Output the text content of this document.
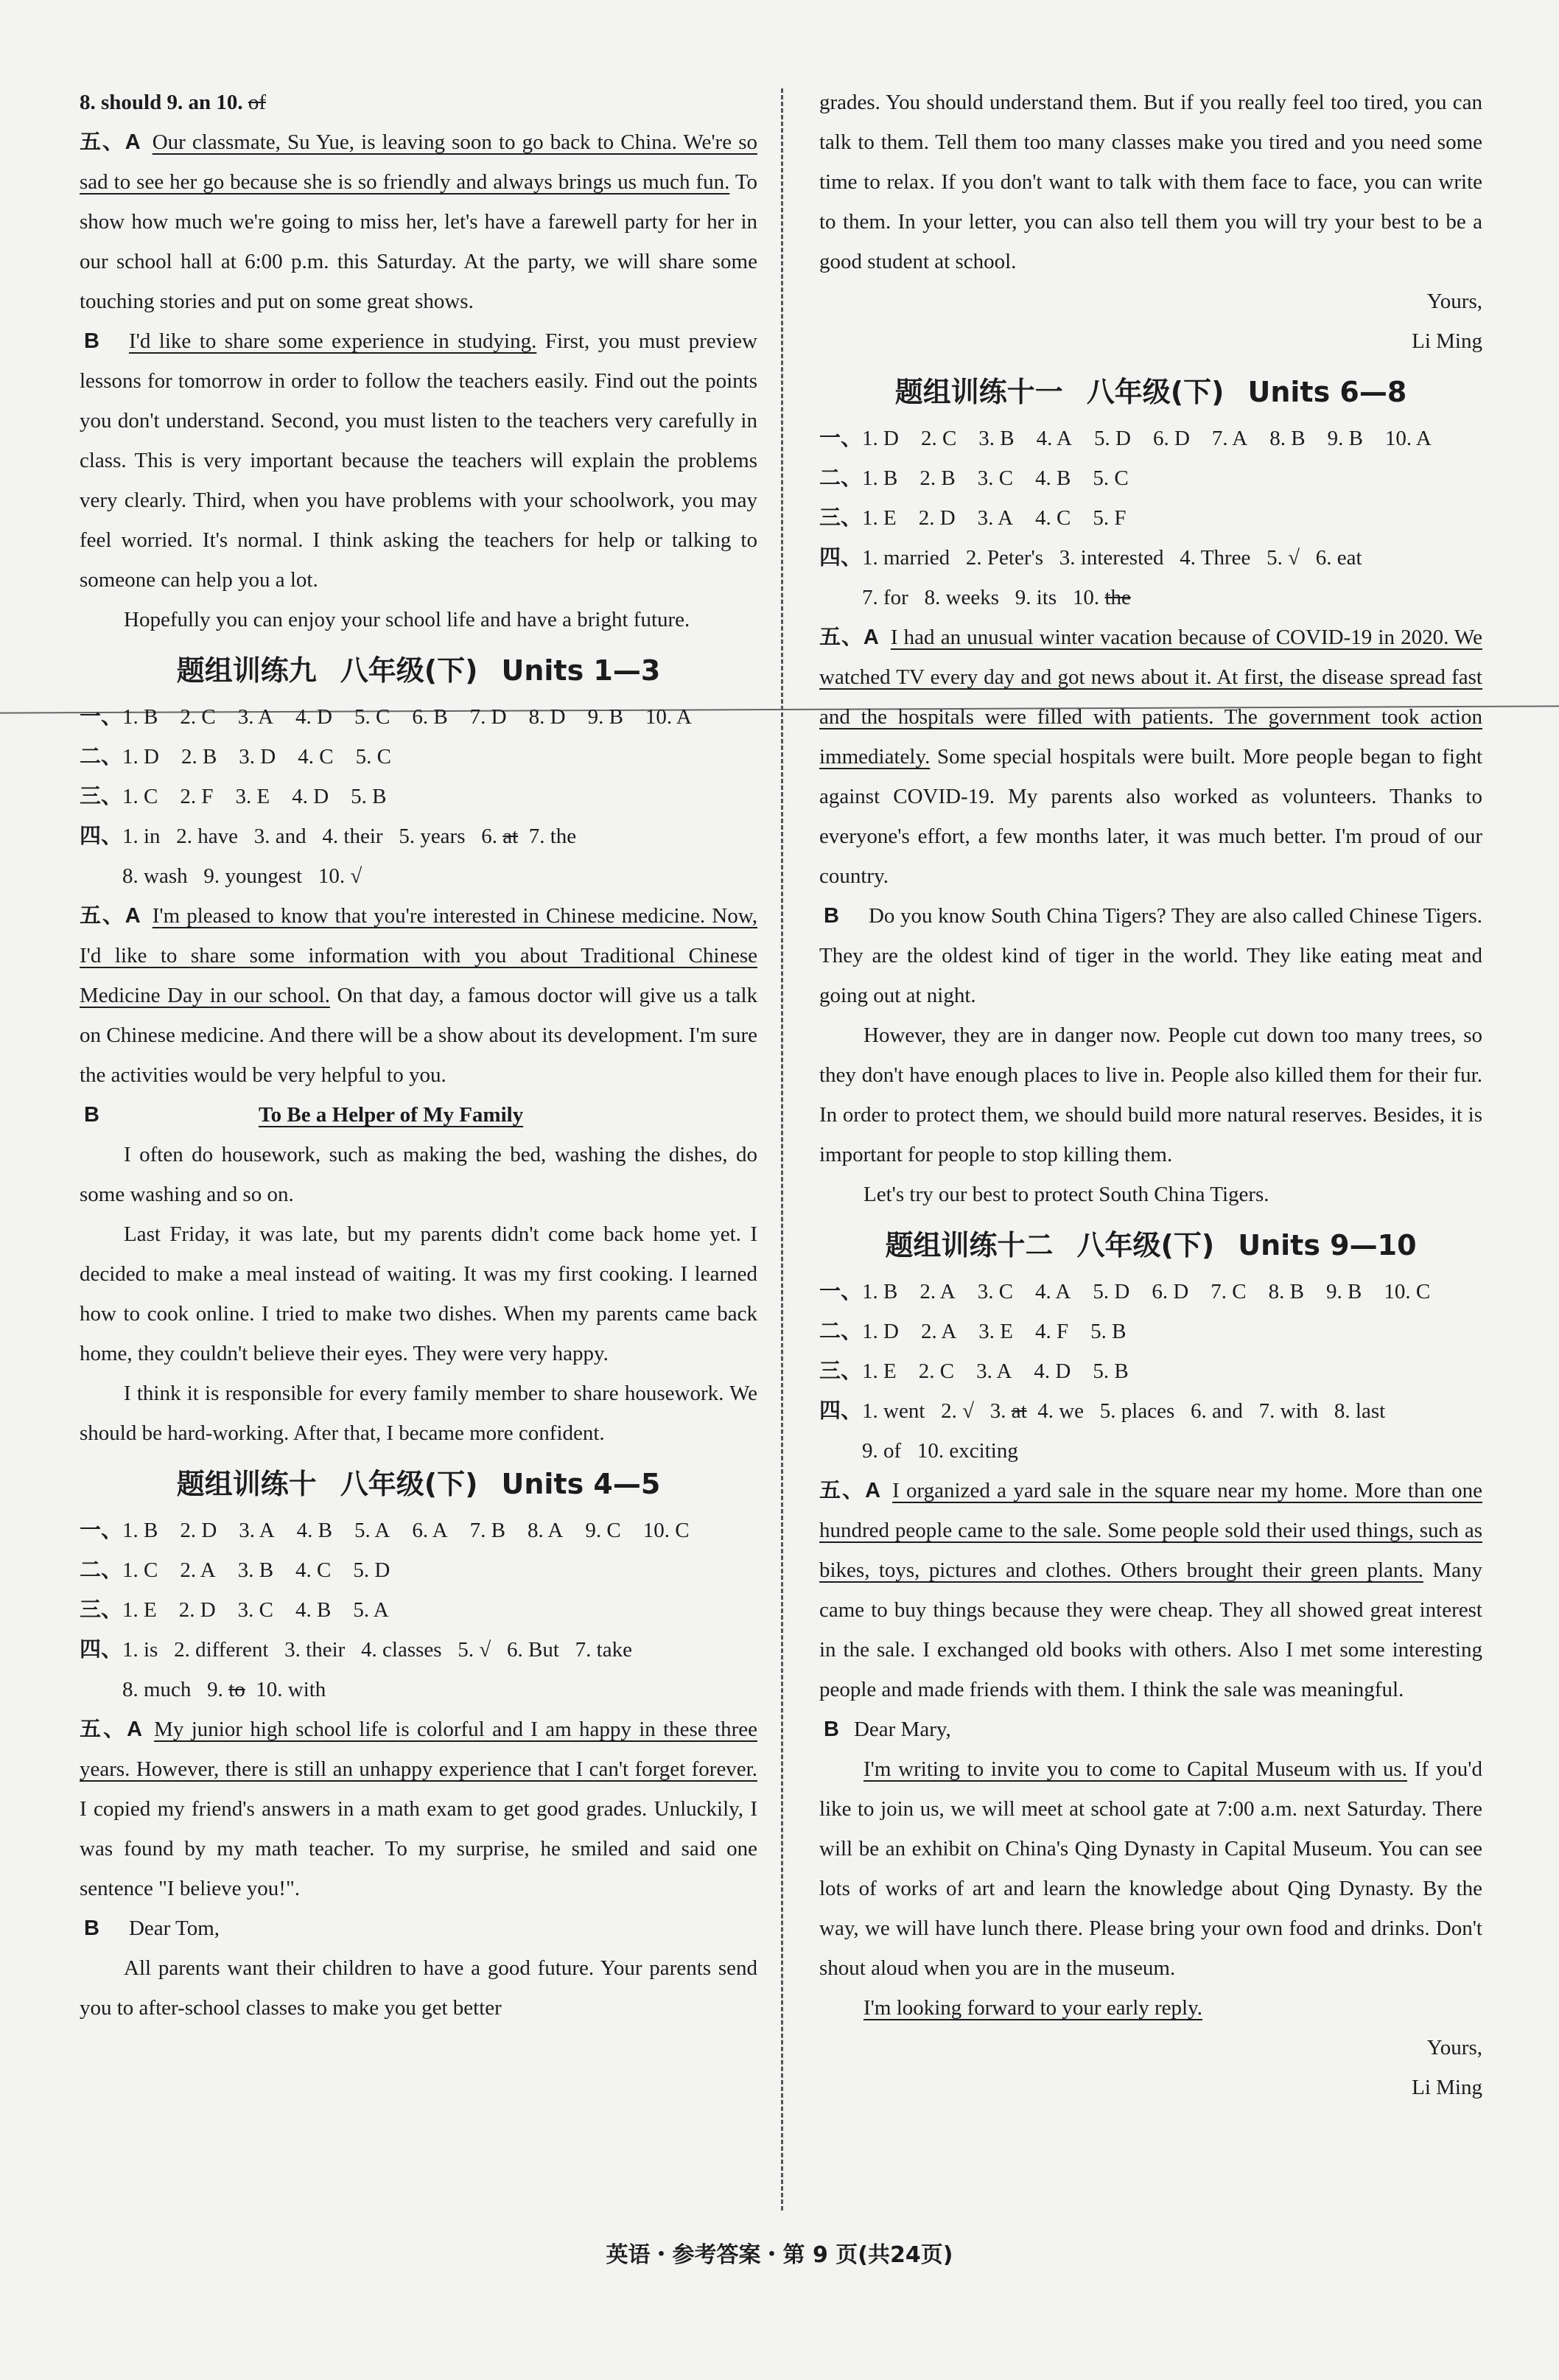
8. should 9. an 10. of

五、A Our classmate, Su Yue, is leaving soon to go back to China. We're so sad to see her go because she is so friendly and always brings us much fun. To show how much we're going to miss her, let's have a farewell party for her in our school hall at 6:00 p.m. this Saturday. At the party, we will share some touching stories and put on some great shows.

B I'd like to share some experience in studying. First, you must preview lessons for tomorrow in order to follow the teachers easily. Find out the points you don't understand. Second, you must listen to the teachers very carefully in class. This is very important because the teachers will explain the problems very clearly. Third, when you have problems with your schoolwork, you may feel worried. It's normal. I think asking the teachers for help or talking to someone can help you a lot.

Hopefully you can enjoy your school life and have a bright future.

题组训练九 八年级(下) Units 1—3
一、1. B 2. C 3. A 4. D 5. C 6. B 7. D 8. D 9. B 10. A
二、1. D 2. B 3. D 4. C 5. C
三、1. C 2. F 3. E 4. D 5. B
四、1. in   2. have   3. and   4. their   5. years   6. at  7. the
8. wash   9. youngest   10. √

五、A I'm pleased to know that you're interested in Chinese medicine. Now, I'd like to share some information with you about Traditional Chinese Medicine Day in our school. On that day, a famous doctor will give us a talk on Chinese medicine. And there will be a show about its development. I'm sure the activities would be very helpful to you.

B	To Be a Helper of My Family

I often do housework, such as making the bed, washing the dishes, do some washing and so on.

Last Friday, it was late, but my parents didn't come back home yet. I decided to make a meal instead of waiting. It was my first cooking. I learned how to cook online. I tried to make two dishes. When my parents came back home, they couldn't believe their eyes. They were very happy.

I think it is responsible for every family member to share housework. We should be hard-working. After that, I became more confident.

题组训练十 八年级(下) Units 4—5
一、1. B 2. D 3. A 4. B 5. A 6. A 7. B 8. A 9. C 10. C
二、1. C 2. A 3. B 4. C 5. D
三、1. E 2. D 3. C 4. B 5. A
四、1. is   2. different   3. their   4. classes   5. √   6. But   7. take
8. much   9. to  10. with

五、A My junior high school life is colorful and I am happy in these three years. However, there is still an unhappy experience that I can't forget forever. I copied my friend's answers in a math exam to get good grades. Unluckily, I was found by my math teacher. To my surprise, he smiled and said one sentence "I believe you!".

B Dear Tom,

All parents want their children to have a good future. Your parents send you to after-school classes to make you get better

grades. You should understand them. But if you really feel too tired, you can talk to them. Tell them too many classes make you tired and you need some time to relax. If you don't want to talk with them face to face, you can write to them. In your letter, you can also tell them you will try your best to be a good student at school.

Yours,

Li Ming

题组训练十一 八年级(下) Units 6—8
一、1. D 2. C 3. B 4. A 5. D 6. D 7. A 8. B 9. B 10. A
二、1. B 2. B 3. C 4. B 5. C
三、1. E 2. D 3. A 4. C 5. F
四、1. married   2. Peter's   3. interested   4. Three   5. √   6. eat
7. for   8. weeks   9. its   10. the

五、A I had an unusual winter vacation because of COVID-19 in 2020. We watched TV every day and got news about it. At first, the disease spread fast and the hospitals were filled with patients. The government took action immediately. Some special hospitals were built. More people began to fight against COVID-19. My parents also worked as volunteers. Thanks to everyone's effort, a few months later, it was much better. I'm proud of our country.

B Do you know South China Tigers? They are also called Chinese Tigers. They are the oldest kind of tiger in the world. They like eating meat and going out at night.

However, they are in danger now. People cut down too many trees, so they don't have enough places to live in. People also killed them for their fur. In order to protect them, we should build more natural reserves. Besides, it is important for people to stop killing them.

Let's try our best to protect South China Tigers.

题组训练十二 八年级(下) Units 9—10
一、1. B 2. A 3. C 4. A 5. D 6. D 7. C 8. B 9. B 10. C
二、1. D 2. A 3. E 4. F 5. B
三、1. E 2. C 3. A 4. D 5. B
四、1. went   2. √   3. at  4. we   5. places   6. and   7. with   8. last
9. of   10. exciting

五、A I organized a yard sale in the square near my home. More than one hundred people came to the sale. Some people sold their used things, such as bikes, toys, pictures and clothes. Others brought their green plants. Many came to buy things because they were cheap. They all showed great interest in the sale. I exchanged old books with others. Also I met some interesting people and made friends with them. I think the sale was meaningful.

B Dear Mary,

I'm writing to invite you to come to Capital Museum with us. If you'd like to join us, we will meet at school gate at 7:00 a.m. next Saturday. There will be an exhibit on China's Qing Dynasty in Capital Museum. You can see lots of works of art and learn the knowledge about Qing Dynasty. By the way, we will have lunch there. Please bring your own food and drinks. Don't shout aloud when you are in the museum.

I'm looking forward to your early reply.

Yours,

Li Ming

英语・参考答案・第 9 页(共24页)
